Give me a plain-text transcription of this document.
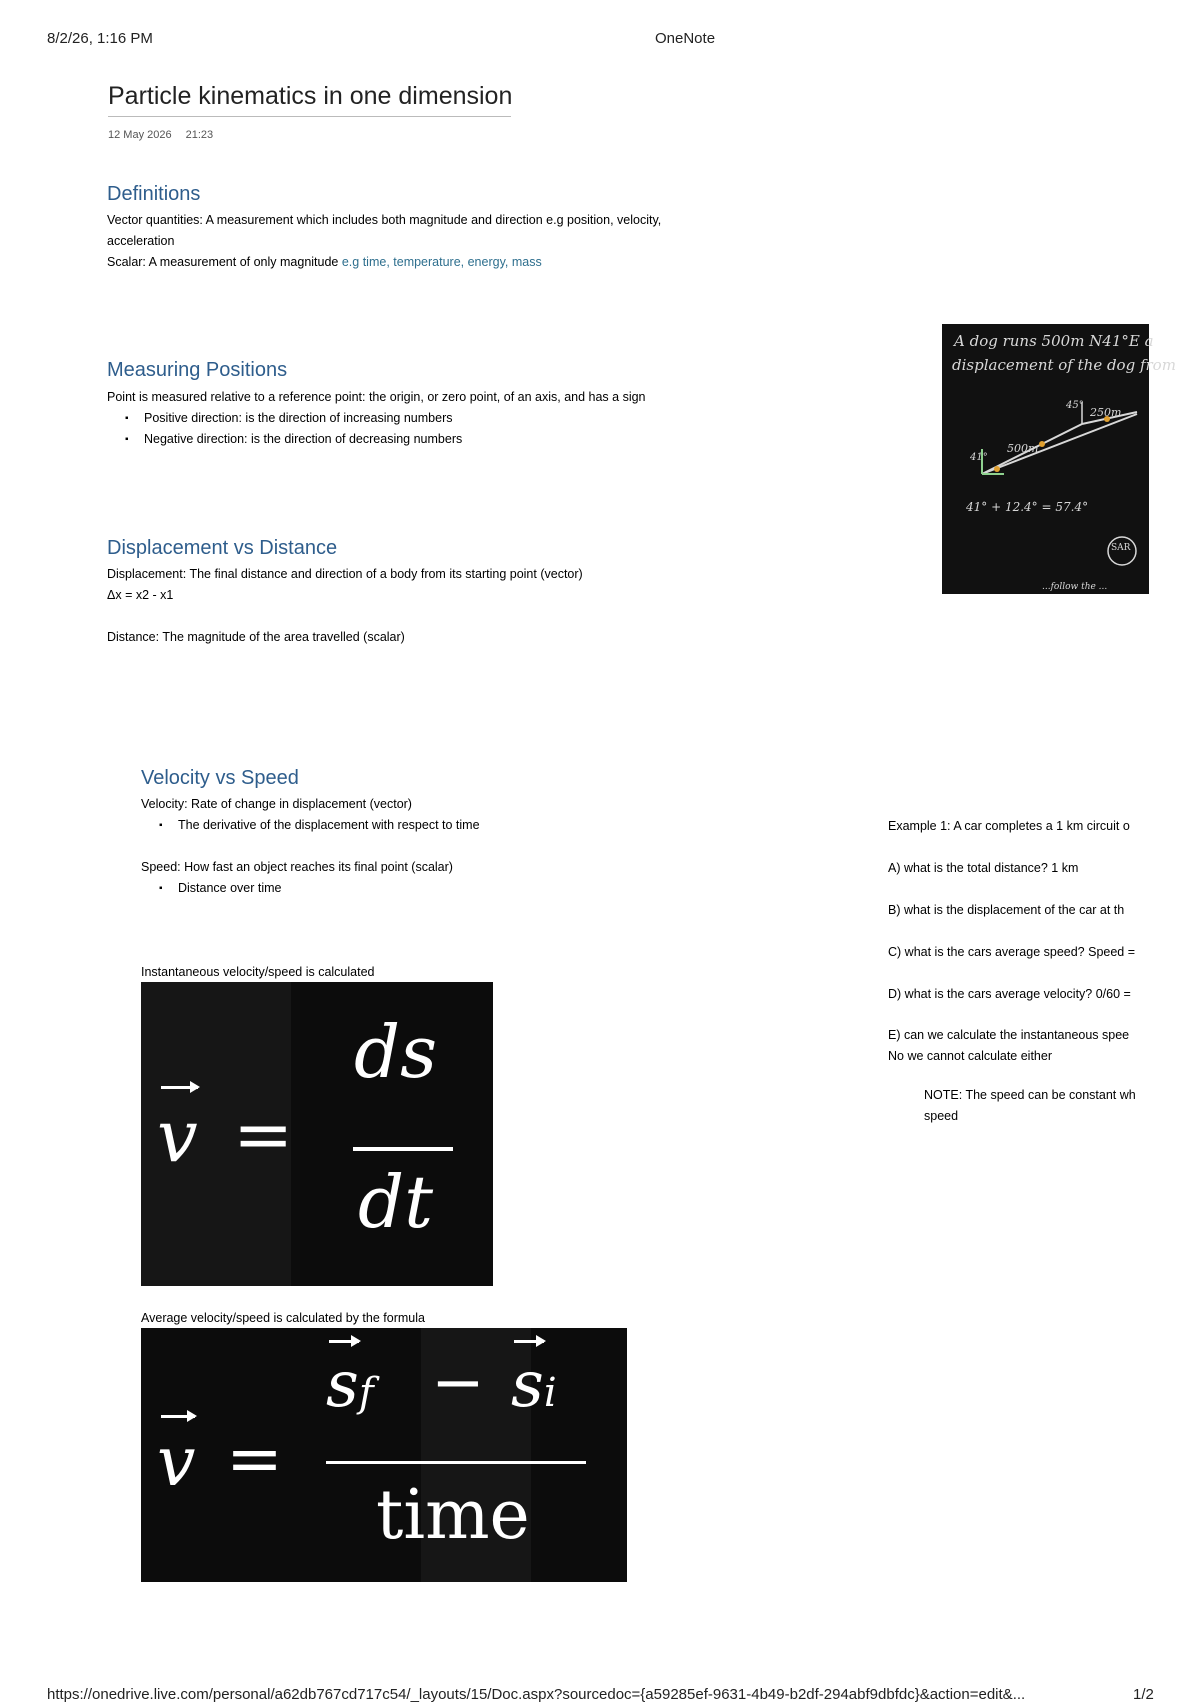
8/2/26, 1:16 PM	OneNote
Particle kinematics in one dimension
12 May 2026 21:23
Definitions
Vector quantities: A measurement which includes both magnitude and direction e.g position, velocity,
acceleration
Scalar: A measurement of only magnitude e.g time, temperature, energy, mass
Measuring Positions
Point is measured relative to a reference point: the origin, or zero point, of an axis, and has a sign
▪ Positive direction: is the direction of increasing numbers
▪ Negative direction: is the direction of decreasing numbers
A dog runs 500m N41°E a
displacement of the dog from
500m
250m
41°
45°
41° + 12.4° = 57.4°
SAR
...follow the ...
Displacement vs Distance
Displacement: The final distance and direction of a body from its starting point (vector)
Δx = x2 - x1
Distance: The magnitude of the area travelled (scalar)
Velocity vs Speed
Velocity: Rate of change in displacement (vector)
▪ The derivative of the displacement with respect to time
Speed: How fast an object reaches its final point (scalar)
▪ Distance over time
Instantaneous velocity/speed is calculated
v =
ds
dt
Average velocity/speed is calculated by the formula
v =
sf − si
time
Example 1: A car completes a 1 km circuit o
A) what is the total distance? 1 km
B) what is the displacement of the car at th
C) what is the cars average speed? Speed =
D) what is the cars average velocity? 0/60 =
E) can we calculate the instantaneous spee
No we cannot calculate either
NOTE: The speed can be constant wh
speed
https://onedrive.live.com/personal/a62db767cd717c54/_layouts/15/Doc.aspx?sourcedoc={a59285ef-9631-4b49-b2df-294abf9dbfdc}&action=edit&...	1/2
